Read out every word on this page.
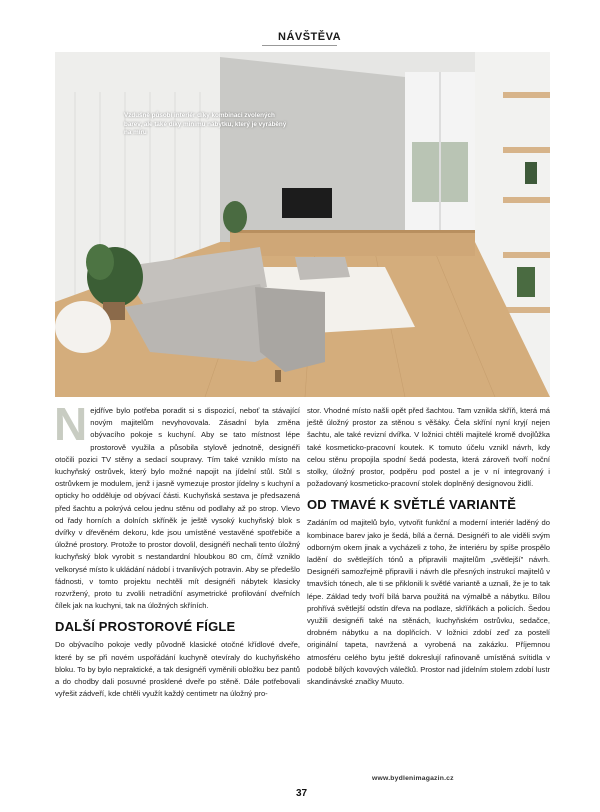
NÁVŠTĚVA
Vzdušně působí interiér díky kombinaci zvolených barev, ale také díky minimu nábytku, který je vyráběný na míru

Nejdříve bylo potřeba poradit si s dispozicí, neboť ta stávající novým majitelům nevyhovovala. Zásadní byla změna obývacího pokoje s kuchyní. Aby se tato místnost lépe prostorově využila a působila stylově jednotně, designéři otočili pozici TV stěny a sedací soupravy. Tím také vzniklo místo na kuchyňský ostrůvek, který bylo možné napojit na jídelní stůl. Stůl s ostrůvkem je modulem, jenž i jasně vymezuje prostor jídelny s kuchyní a opticky ho odděluje od obývací části. Kuchyňská sestava je předsazená před šachtu a pokrývá celou jednu stěnu od podlahy až po strop. Vlevo od řady horních a dolních skříněk je ještě vysoký kuchyňský blok s dvířky v dřevěném dekoru, kde jsou umístěné vestavěné spotřebiče a úložné prostory. Protože to prostor dovolil, designéři nechali tento úložný kuchyňský blok vyrobit s nestandardní hloubkou 80 cm, čímž vzniklo velkorysé místo k ukládání nádobí i trvanlivých potravin. Aby se předešlo fádnosti, v tomto projektu nechtěli mít designéři nábytek klasicky rozvržený, proto tu zvolili netradiční asymetrické profilování dveřních čílek jak na kuchyni, tak na úložných skříních.

DALŠÍ PROSTOROVÉ FÍGLE

Do obývacího pokoje vedly původně klasické otočné křídlové dveře, které by se při novém uspořádání kuchyně otevíraly do kuchyňského bloku. To by bylo nepraktické, a tak designéři vyměnili obložku bez pantů a do chodby dali posuvné prosklené dveře po stěně. Dále potřebovali vyřešit zádveří, kde chtěli využít každý centimetr na úložný pro-

stor. Vhodné místo našli opět před šachtou. Tam vznikla skříň, která má ještě úložný prostor za stěnou s věšáky. Čela skříní nyní kryjí nejen šachtu, ale také revizní dvířka. V ložnici chtěli majitelé kromě dvojlůžka také kosmeticko-pracovní koutek. K tomuto účelu vznikl návrh, kdy celou stěnu propojila spodní šedá podesta, která zároveň tvoří noční stolky, úložný prostor, podpěru pod postel a je v ní integrovaný i požadovaný kosmeticko-pracovní stolek doplněný designovou židlí.

OD TMAVÉ K SVĚTLÉ VARIANTĚ

Zadáním od majitelů bylo, vytvořit funkční a moderní interiér laděný do kombinace barev jako je šedá, bílá a černá. Designéři to ale viděli svým odborným okem jinak a vycházeli z toho, že interiéru by spíše prospělo ladění do světlejších tónů a připravili majitelům „světlejší" návrh. Designéři samozřejmě připravili i návrh dle přesných instrukcí majitelů v tmavších tónech, ale ti se přiklonili k světlé variantě a uznali, že je to tak lépe. Základ tedy tvoří bílá barva použitá na výmalbě a nábytku. Bílou prohřívá světlejší odstín dřeva na podlaze, skříňkách a policích. Šedou využili designéři také na stěnách, kuchyňském ostrůvku, sedačce, drobném nábytku a na doplňcích. V ložnici zdobí zeď za postelí originální tapeta, navržená a vyrobená na zakázku. Příjemnou atmosféru celého bytu ještě dokreslují rafinovaně umístěná svítidla v podobě bílých kovových válečků. Prostor nad jídelním stolem zdobí lustr skandinávské značky Muuto.

www.bydlenimagazin.cz
37
